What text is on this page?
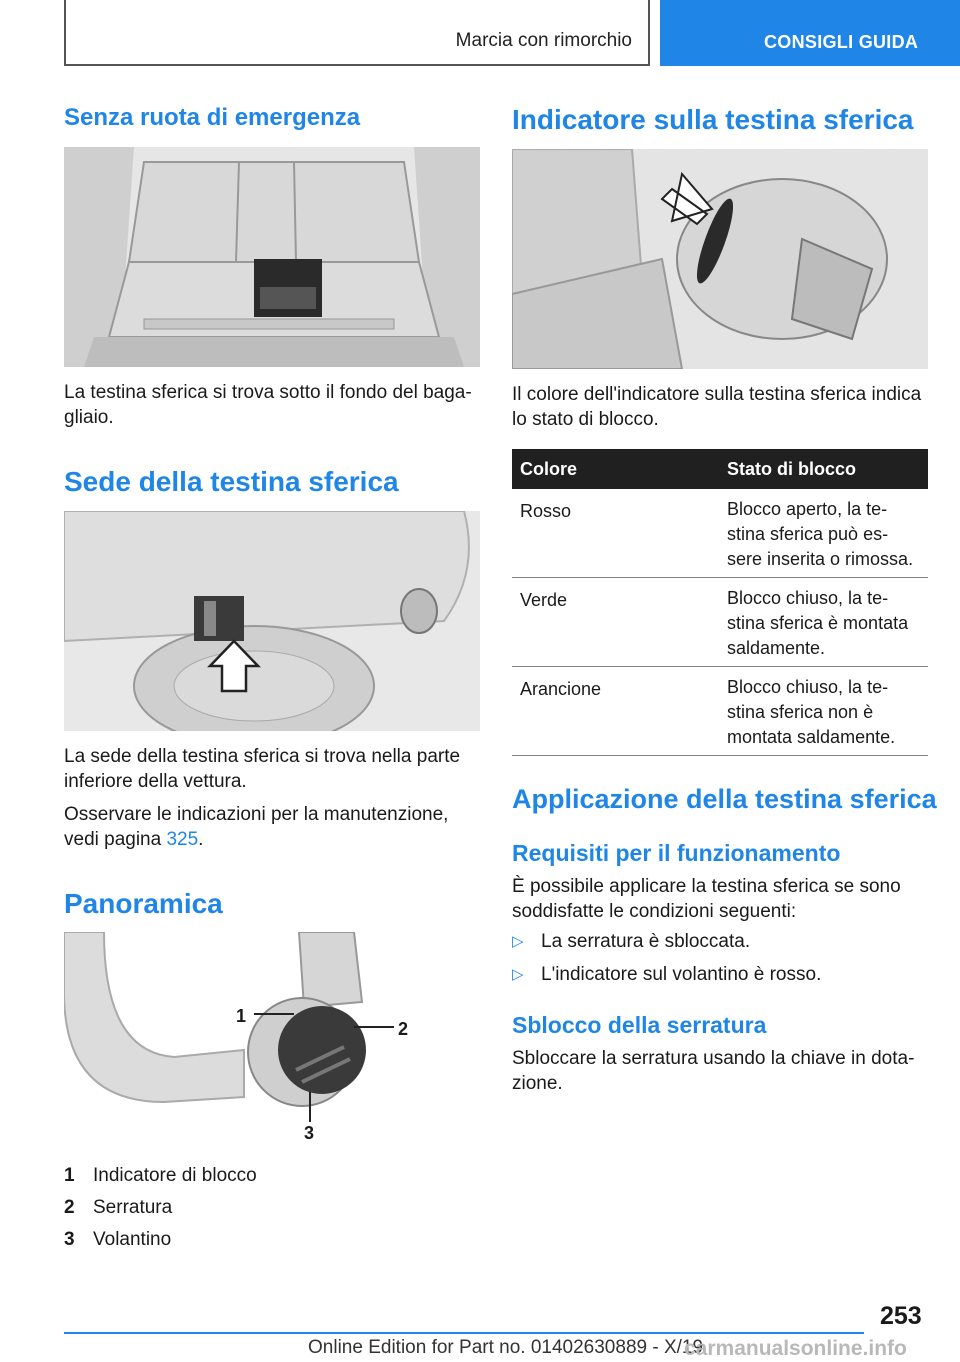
Marcia con rimorchio	CONSIGLI GUIDA
Senza ruota di emergenza
La testina sferica si trova sotto il fondo del baga-
gliaio.
Sede della testina sferica
La sede della testina sferica si trova nella parte
inferiore della vettura.
Osservare le indicazioni per la manutenzione,
vedi pagina 325.
Panoramica
1
2
3
1 Indicatore di blocco
2 Serratura
3 Volantino
Indicatore sulla testina sferica
Il colore dell'indicatore sulla testina sferica indica
lo stato di blocco.
Colore	Stato di blocco
Rosso	Blocco aperto, la te-
stina sferica può es-
sere inserita o rimossa.
Verde	Blocco chiuso, la te-
stina sferica è montata
saldamente.
Arancione	Blocco chiuso, la te-
stina sferica non è
montata saldamente.
Applicazione della testina sferica
Requisiti per il funzionamento
È possibile applicare la testina sferica se sono
soddisfatte le condizioni seguenti:
▷ La serratura è sbloccata.
▷ L'indicatore sul volantino è rosso.
Sblocco della serratura
Sbloccare la serratura usando la chiave in dota-
zione.
253
Online Edition for Part no. 01402630889 - X/19
carmanualsonline.info
